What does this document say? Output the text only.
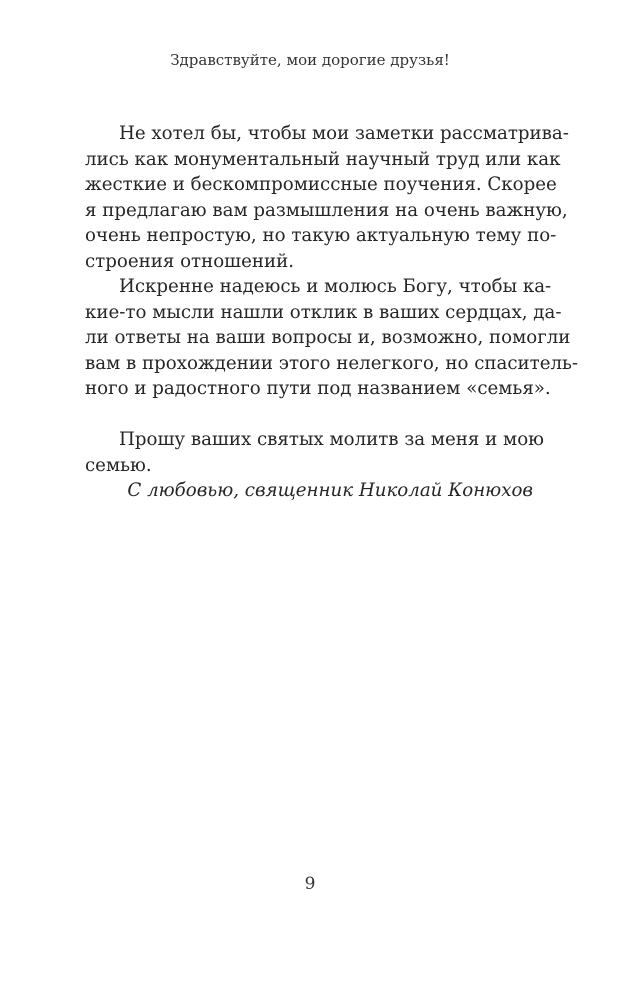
Здравствуйте, мои дорогие друзья!
Не хотел бы, чтобы мои заметки рассматрива-
лись как монументальный научный труд или как
жесткие и бескомпромиссные поучения. Скорее
я предлагаю вам размышления на очень важную,
очень непростую, но такую актуальную тему по-
строения отношений.
Искренне надеюсь и молюсь Богу, чтобы ка-
кие-то мысли нашли отклик в ваших сердцах, да-
ли ответы на ваши вопросы и, возможно, помогли
вам в прохождении этого нелегкого, но спаситель-
ного и радостного пути под названием «семья».
Прошу ваших святых молитв за меня и мою
семью.
С любовью, священник Николай Конюхов
9
